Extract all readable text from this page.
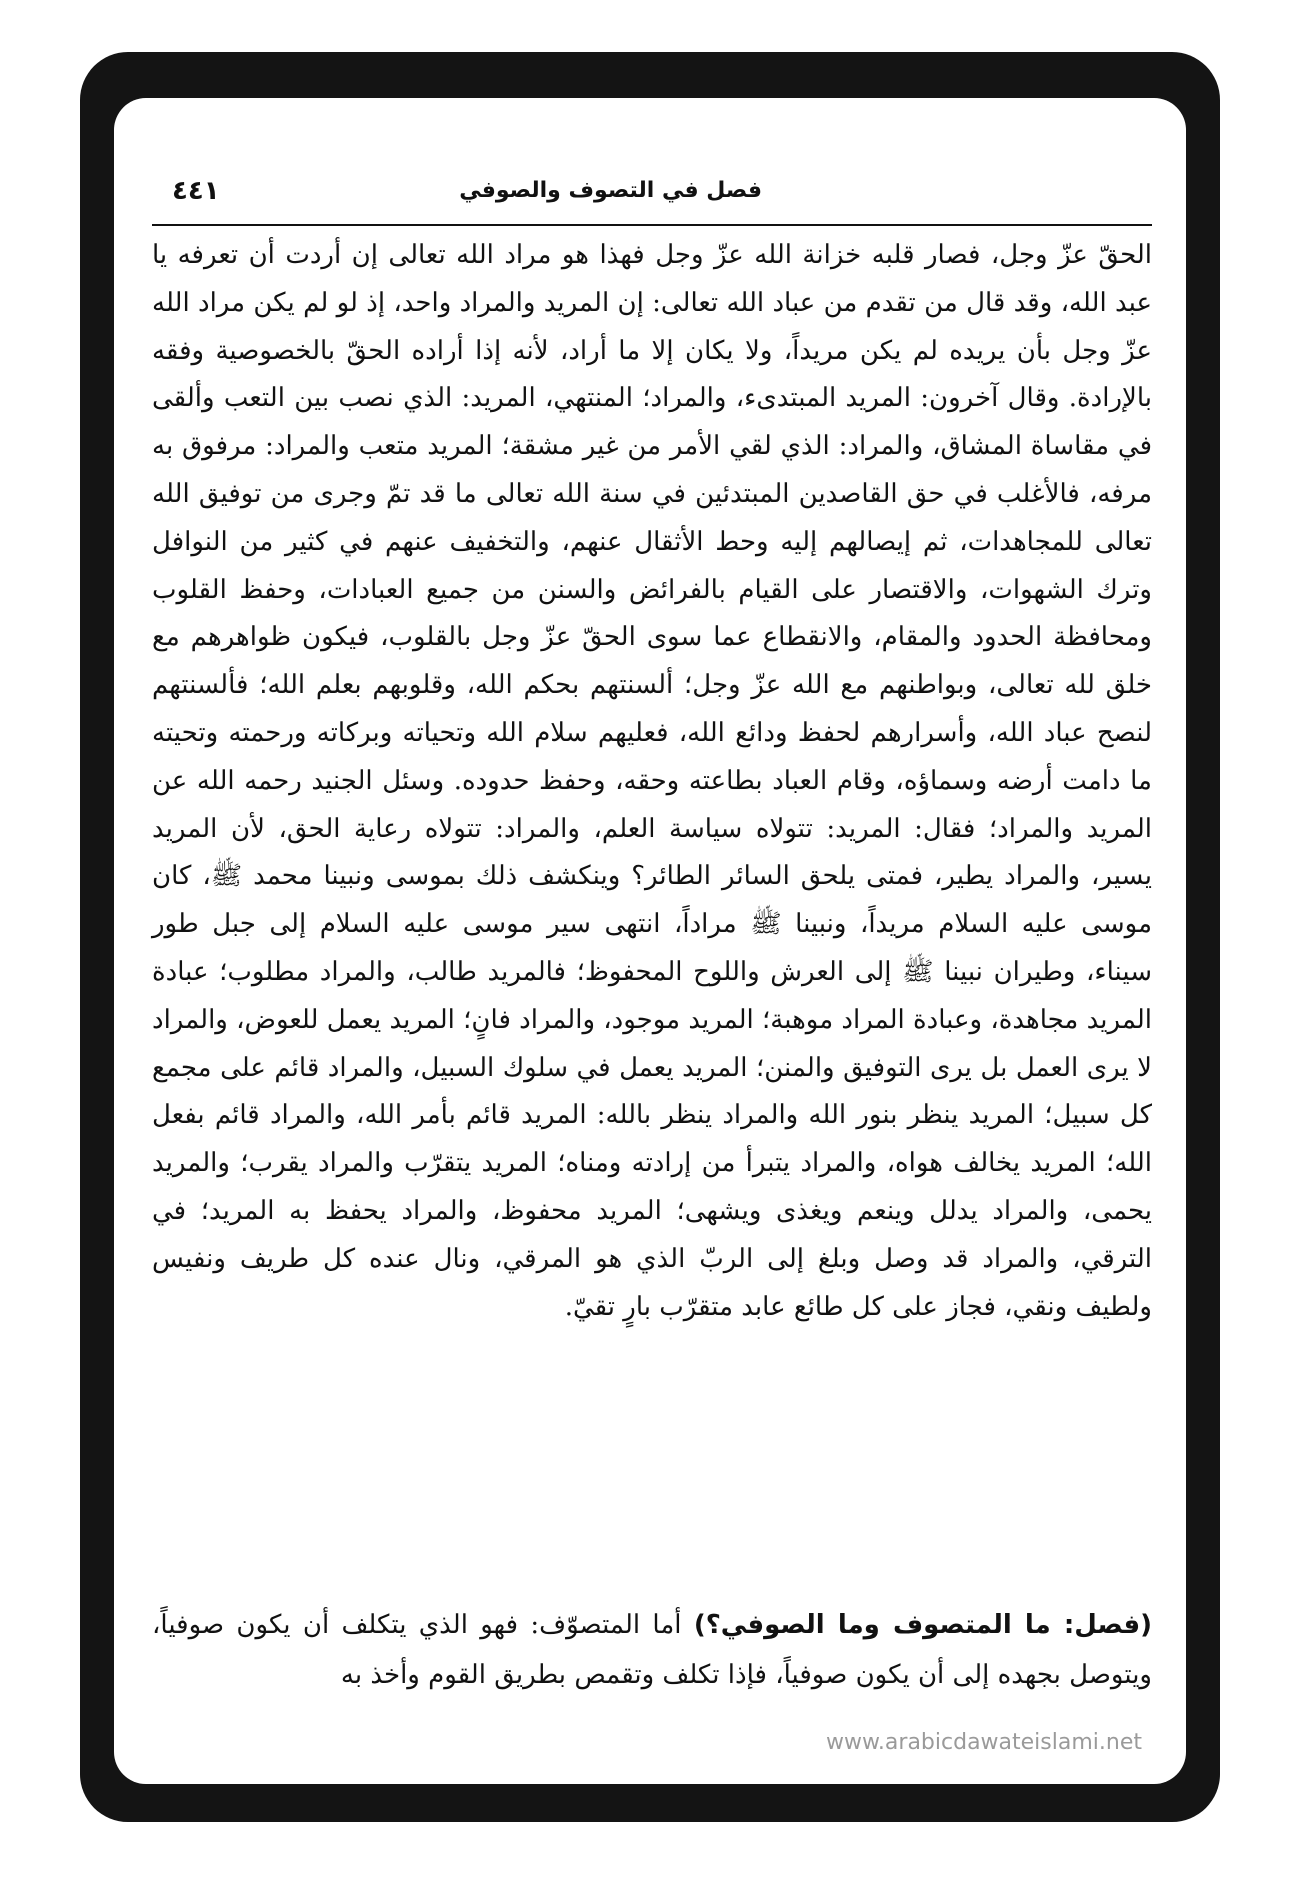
فصل في التصوف والصوفي
٤٤١

الحقّ عزّ وجل، فصار قلبه خزانة الله عزّ وجل فهذا هو مراد الله تعالى إن أردت أن تعرفه يا عبد الله، وقد قال من تقدم من عباد الله تعالى: إن المريد والمراد واحد، إذ لو لم يكن مراد الله عزّ وجل بأن يريده لم يكن مريداً، ولا يكان إلا ما أراد، لأنه إذا أراده الحقّ بالخصوصية وفقه بالإرادة. وقال آخرون: المريد المبتدىء، والمراد؛ المنتهي، المريد: الذي نصب بين التعب وألقى في مقاساة المشاق، والمراد: الذي لقي الأمر من غير مشقة؛ المريد متعب والمراد: مرفوق به مرفه، فالأغلب في حق القاصدين المبتدئين في سنة الله تعالى ما قد تمّ وجرى من توفيق الله تعالى للمجاهدات، ثم إيصالهم إليه وحط الأثقال عنهم، والتخفيف عنهم في كثير من النوافل وترك الشهوات، والاقتصار على القيام بالفرائض والسنن من جميع العبادات، وحفظ القلوب ومحافظة الحدود والمقام، والانقطاع عما سوى الحقّ عزّ وجل بالقلوب، فيكون ظواهرهم مع خلق لله تعالى، وبواطنهم مع الله عزّ وجل؛ ألسنتهم بحكم الله، وقلوبهم بعلم الله؛ فألسنتهم لنصح عباد الله، وأسرارهم لحفظ ودائع الله، فعليهم سلام الله وتحياته وبركاته ورحمته وتحيته ما دامت أرضه وسماؤه، وقام العباد بطاعته وحقه، وحفظ حدوده. وسئل الجنيد رحمه الله عن المريد والمراد؛ فقال: المريد: تتولاه سياسة العلم، والمراد: تتولاه رعاية الحق، لأن المريد يسير، والمراد يطير، فمتى يلحق السائر الطائر؟ وينكشف ذلك بموسى ونبينا محمد ﷺ، كان موسى عليه السلام مريداً، ونبينا ﷺ مراداً، انتهى سير موسى عليه السلام إلى جبل طور سيناء، وطيران نبينا ﷺ إلى العرش واللوح المحفوظ؛ فالمريد طالب، والمراد مطلوب؛ عبادة المريد مجاهدة، وعبادة المراد موهبة؛ المريد موجود، والمراد فانٍ؛ المريد يعمل للعوض، والمراد لا يرى العمل بل يرى التوفيق والمنن؛ المريد يعمل في سلوك السبيل، والمراد قائم على مجمع كل سبيل؛ المريد ينظر بنور الله والمراد ينظر بالله: المريد قائم بأمر الله، والمراد قائم بفعل الله؛ المريد يخالف هواه، والمراد يتبرأ من إرادته ومناه؛ المريد يتقرّب والمراد يقرب؛ والمريد يحمى، والمراد يدلل وينعم ويغذى ويشهى؛ المريد محفوظ، والمراد يحفظ به المريد؛ في الترقي، والمراد قد وصل وبلغ إلى الربّ الذي هو المرقي، ونال عنده كل طريف ونفيس ولطيف ونقي، فجاز على كل طائع عابد متقرّب بارٍ تقيّ.

(فصل: ما المتصوف وما الصوفي؟) أما المتصوّف: فهو الذي يتكلف أن يكون صوفياً، ويتوصل بجهده إلى أن يكون صوفياً، فإذا تكلف وتقمص بطريق القوم وأخذ به

www.arabicdawateislami.net
